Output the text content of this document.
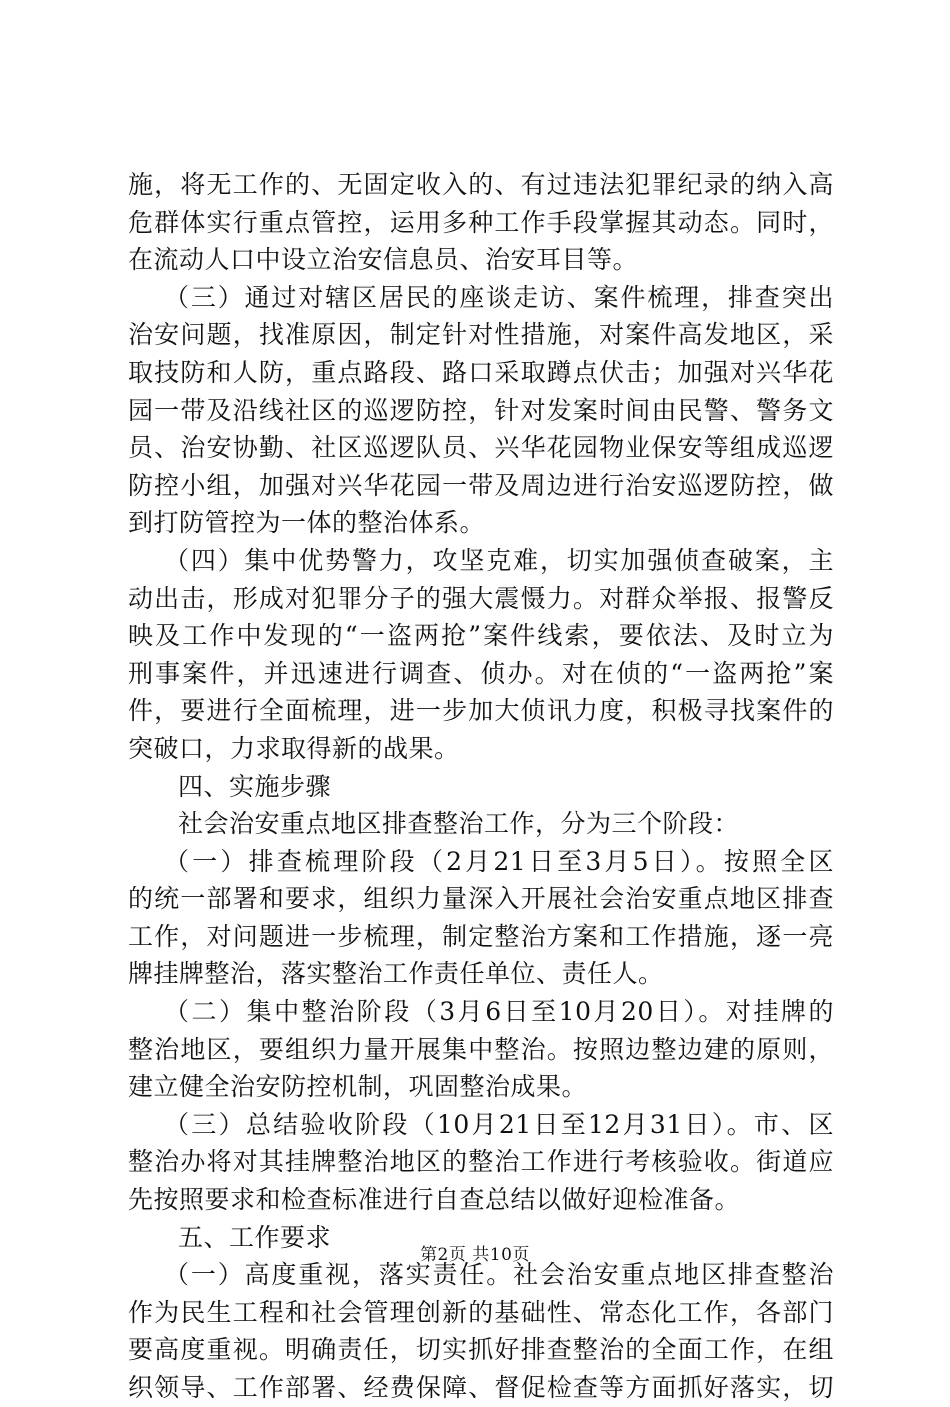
施，将无工作的、无固定收入的、有过违法犯罪纪录的纳入高
危群体实行重点管控，运用多种工作手段掌握其动态。同时，
在流动人口中设立治安信息员、治安耳目等。
（三）通过对辖区居民的座谈走访、案件梳理，排查突出
治安问题，找准原因，制定针对性措施，对案件高发地区，采
取技防和人防，重点路段、路口采取蹲点伏击；加强对兴华花
园一带及沿线社区的巡逻防控，针对发案时间由民警、警务文
员、治安协勤、社区巡逻队员、兴华花园物业保安等组成巡逻
防控小组，加强对兴华花园一带及周边进行治安巡逻防控，做
到打防管控为一体的整治体系。
（四）集中优势警力，攻坚克难，切实加强侦查破案，主
动出击，形成对犯罪分子的强大震慑力。对群众举报、报警反
映及工作中发现的“一盗两抢”案件线索，要依法、及时立为
刑事案件，并迅速进行调查、侦办。对在侦的“一盗两抢”案
件，要进行全面梳理，进一步加大侦讯力度，积极寻找案件的
突破口，力求取得新的战果。
四、实施步骤
社会治安重点地区排查整治工作，分为三个阶段：
（一）排查梳理阶段（2月21日至3月5日）。按照全区
的统一部署和要求，组织力量深入开展社会治安重点地区排查
工作，对问题进一步梳理，制定整治方案和工作措施，逐一亮
牌挂牌整治，落实整治工作责任单位、责任人。
（二）集中整治阶段（3月6日至10月20日）。对挂牌的
整治地区，要组织力量开展集中整治。按照边整边建的原则，
建立健全治安防控机制，巩固整治成果。
（三）总结验收阶段（10月21日至12月31日）。市、区
整治办将对其挂牌整治地区的整治工作进行考核验收。街道应
先按照要求和检查标准进行自查总结以做好迎检准备。
五、工作要求
（一）高度重视，落实责任。社会治安重点地区排查整治
作为民生工程和社会管理创新的基础性、常态化工作，各部门
要高度重视。明确责任，切实抓好排查整治的全面工作，在组
织领导、工作部署、经费保障、督促检查等方面抓好落实，切
第2页 共10页
